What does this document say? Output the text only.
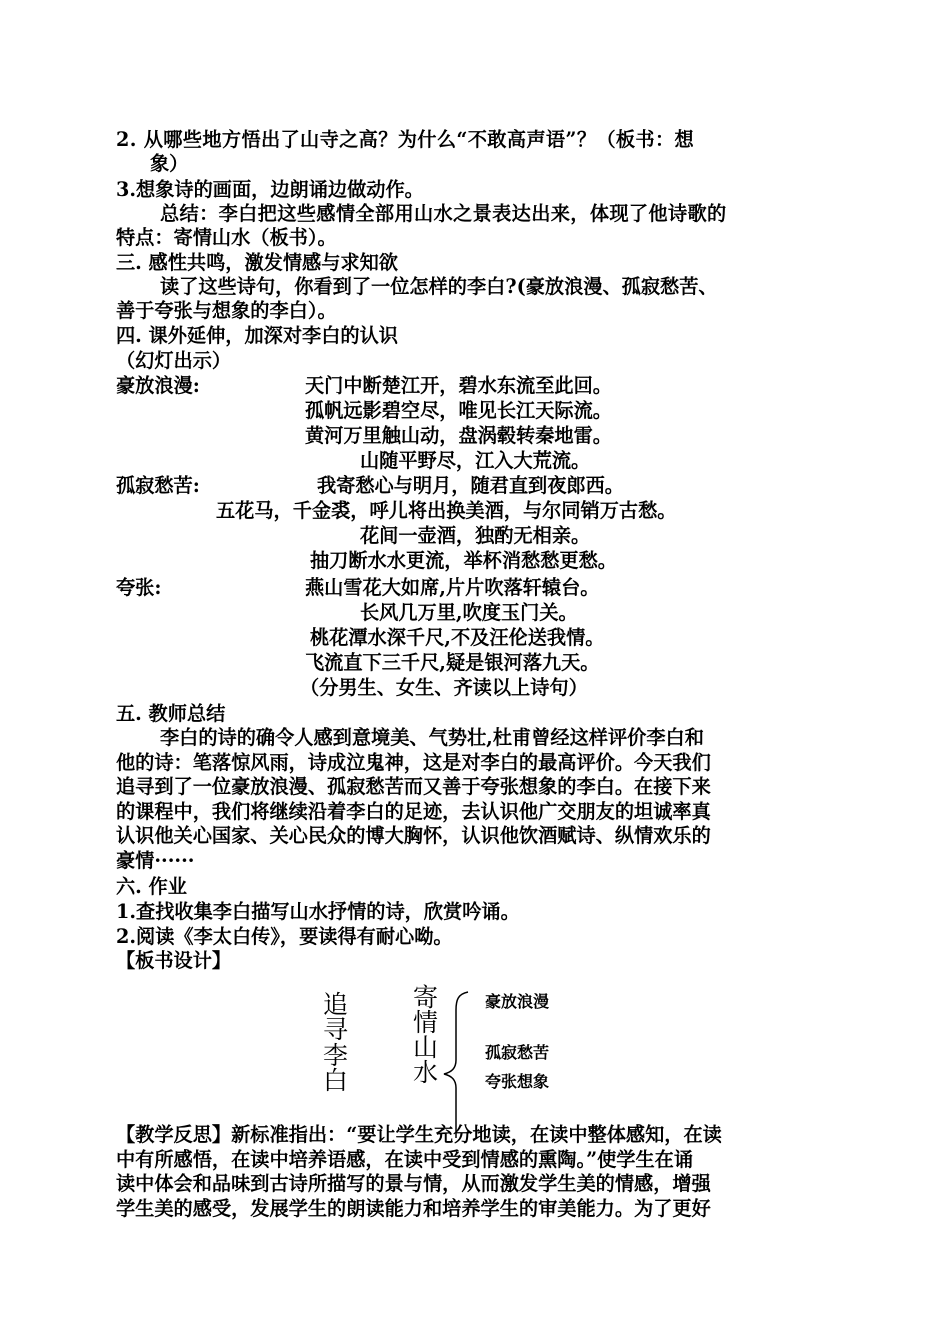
2. 从哪些地方悟出了山寺之高？为什么“不敢高声语”？（板书：想
象）
3.想象诗的画面，边朗诵边做动作。
总结：李白把这些感情全部用山水之景表达出来，体现了他诗歌的
特点：寄情山水（板书）。
三. 感性共鸣，激发情感与求知欲
读了这些诗句，你看到了一位怎样的李白?(豪放浪漫、孤寂愁苦、
善于夸张与想象的李白）。
四. 课外延伸，加深对李白的认识
（幻灯出示）
豪放浪漫:	天门中断楚江开，碧水东流至此回。
孤帆远影碧空尽，唯见长江天际流。
黄河万里触山动，盘涡毂转秦地雷。
山随平野尽，江入大荒流。
孤寂愁苦:	我寄愁心与明月，随君直到夜郎西。
五花马，千金裘，呼儿将出换美酒，与尔同销万古愁。
花间一壶酒，独酌无相亲。
抽刀断水水更流，举杯消愁愁更愁。
夸张:	燕山雪花大如席,片片吹落轩辕台。
长风几万里,吹度玉门关。
桃花潭水深千尺,不及汪伦送我情。
飞流直下三千尺,疑是银河落九天。
（分男生、女生、齐读以上诗句）
五. 教师总结
李白的诗的确令人感到意境美、气势壮,杜甫曾经这样评价李白和
他的诗：笔落惊风雨，诗成泣鬼神，这是对李白的最高评价。今天我们
追寻到了一位豪放浪漫、孤寂愁苦而又善于夸张想象的李白。在接下来
的课程中，我们将继续沿着李白的足迹，去认识他广交朋友的坦诚率真
认识他关心国家、关心民众的博大胸怀，认识他饮酒赋诗、纵情欢乐的
豪情······
六. 作业
1.查找收集李白描写山水抒情的诗，欣赏吟诵。
2.阅读《李太白传》，要读得有耐心呦。
【板书设计】
追
寻
李
白
寄
情
山
水
豪放浪漫
孤寂愁苦
夸张想象
【教学反思】新标准指出：“要让学生充分地读，在读中整体感知，在读
中有所感悟，在读中培养语感，在读中受到情感的熏陶。”使学生在诵
读中体会和品味到古诗所描写的景与情，从而激发学生美的情感，增强
学生美的感受，发展学生的朗读能力和培养学生的审美能力。为了更好
